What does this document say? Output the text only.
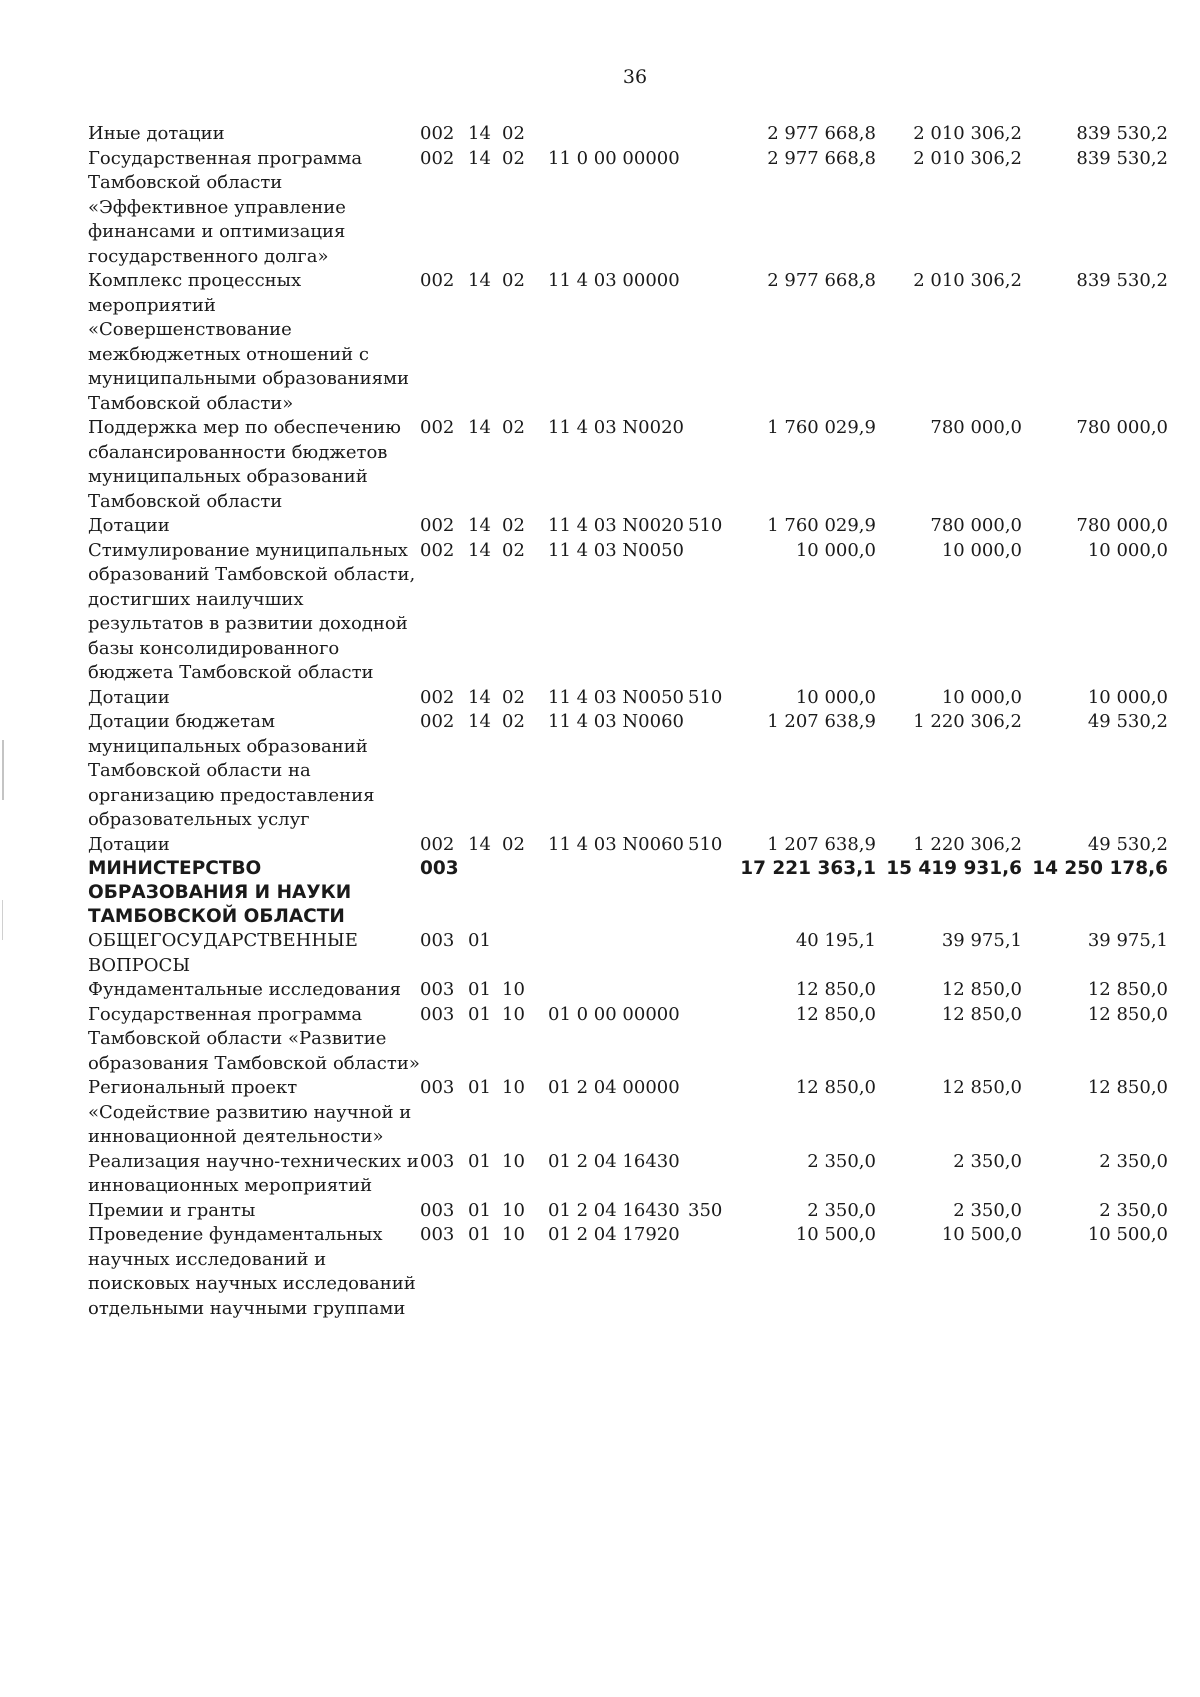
36
Иные дотации	002	14	02			2 977 668,8	2 010 306,2	839 530,2
Государственная программа Тамбовской области «Эффективное управление финансами и оптимизация государственного долга»	002	14	02	11 0 00 00000		2 977 668,8	2 010 306,2	839 530,2
Комплекс процессных мероприятий «Совершенствование межбюджетных отношений с муниципальными образованиями Тамбовской области»	002	14	02	11 4 03 00000		2 977 668,8	2 010 306,2	839 530,2
Поддержка мер по обеспечению сбалансированности бюджетов муниципальных образований Тамбовской области	002	14	02	11 4 03 N0020		1 760 029,9	780 000,0	780 000,0
Дотации	002	14	02	11 4 03 N0020	510	1 760 029,9	780 000,0	780 000,0
Стимулирование муниципальных образований Тамбовской области, достигших наилучших результатов в развитии доходной базы консолидированного бюджета Тамбовской области	002	14	02	11 4 03 N0050		10 000,0	10 000,0	10 000,0
Дотации	002	14	02	11 4 03 N0050	510	10 000,0	10 000,0	10 000,0
Дотации бюджетам муниципальных образований Тамбовской области на организацию предоставления образовательных услуг	002	14	02	11 4 03 N0060		1 207 638,9	1 220 306,2	49 530,2
Дотации	002	14	02	11 4 03 N0060	510	1 207 638,9	1 220 306,2	49 530,2
МИНИСТЕРСТВО ОБРАЗОВАНИЯ И НАУКИ ТАМБОВСКОЙ ОБЛАСТИ	003					17 221 363,1	15 419 931,6	14 250 178,6
ОБЩЕГОСУДАРСТВЕННЫЕ ВОПРОСЫ	003	01				40 195,1	39 975,1	39 975,1
Фундаментальные исследования	003	01	10			12 850,0	12 850,0	12 850,0
Государственная программа Тамбовской области «Развитие образования Тамбовской области»	003	01	10	01 0 00 00000		12 850,0	12 850,0	12 850,0
Региональный проект «Содействие развитию научной и инновационной деятельности»	003	01	10	01 2 04 00000		12 850,0	12 850,0	12 850,0
Реализация научно-технических и инновационных мероприятий	003	01	10	01 2 04 16430		2 350,0	2 350,0	2 350,0
Премии и гранты	003	01	10	01 2 04 16430	350	2 350,0	2 350,0	2 350,0
Проведение фундаментальных научных исследований и поисковых научных исследований отдельными научными группами	003	01	10	01 2 04 17920		10 500,0	10 500,0	10 500,0
